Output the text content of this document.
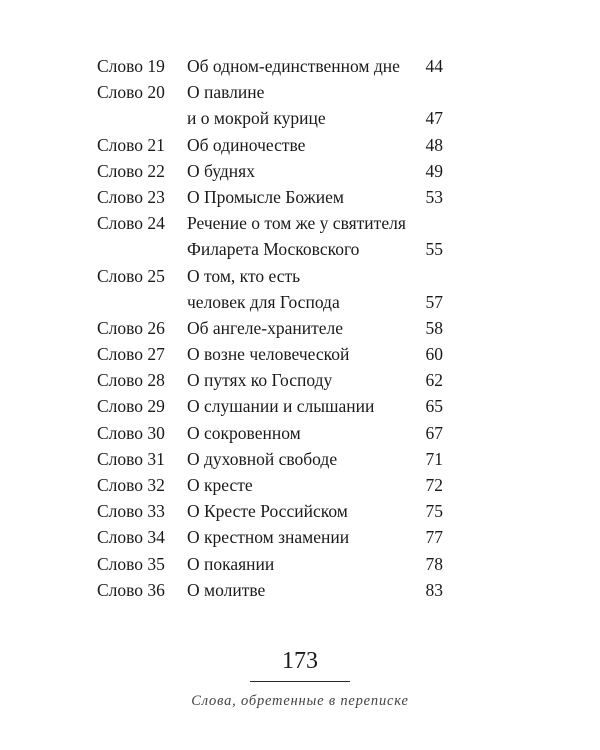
Слово 19 Об одном-единственном дне 44
Слово 20 О павлине
и о мокрой курице	47
Слово 21 Об одиночестве	48
Слово 22 О буднях	49
Слово 23 О Промысле Божием	53
Слово 24 Речение о том же у святителя
Филарета Московского	55
Слово 25 О том, кто есть
человек для Господа	57
Слово 26 Об ангеле-хранителе	58
Слово 27 О возне человеческой	60
Слово 28 О путях ко Господу	62
Слово 29 О слушании и слышании	65
Слово 30 О сокровенном	67
Слово 31 О духовной свободе	71
Слово 32 О кресте	72
Слово 33 О Кресте Российском	75
Слово 34 О крестном знамении	77
Слово 35 О покаянии	78
Слово 36 О молитве	83
173
Слова, обретенные в переписке
